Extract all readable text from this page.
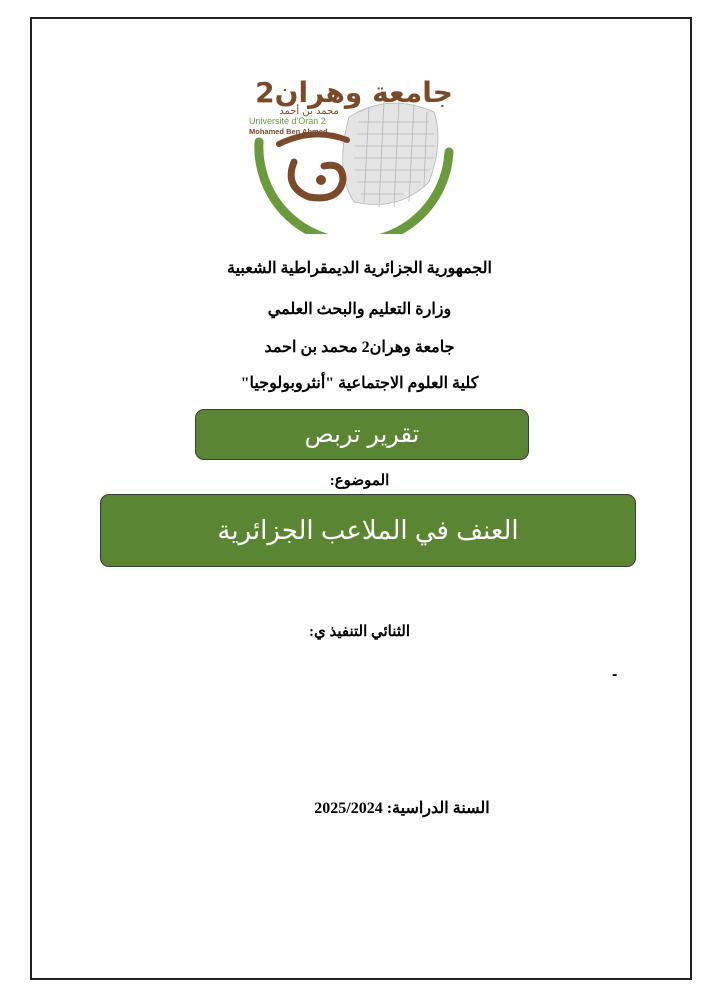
جامعة وهران2
محمد بن أحمد
Université d'Oran 2
Mohamed Ben Ahmed
الجمهورية الجزائرية الديمقراطية الشعبية
وزارة التعليم والبحث العلمي
جامعة وهران2 محمد بن احمد
كلية العلوم الاجتماعية "أنثروبولوجيا"
تقرير تربص
الموضوع:
العنف في الملاعب الجزائرية
الثنائي التنفيذ ي:
-
السنة الدراسية: 2025/2024
